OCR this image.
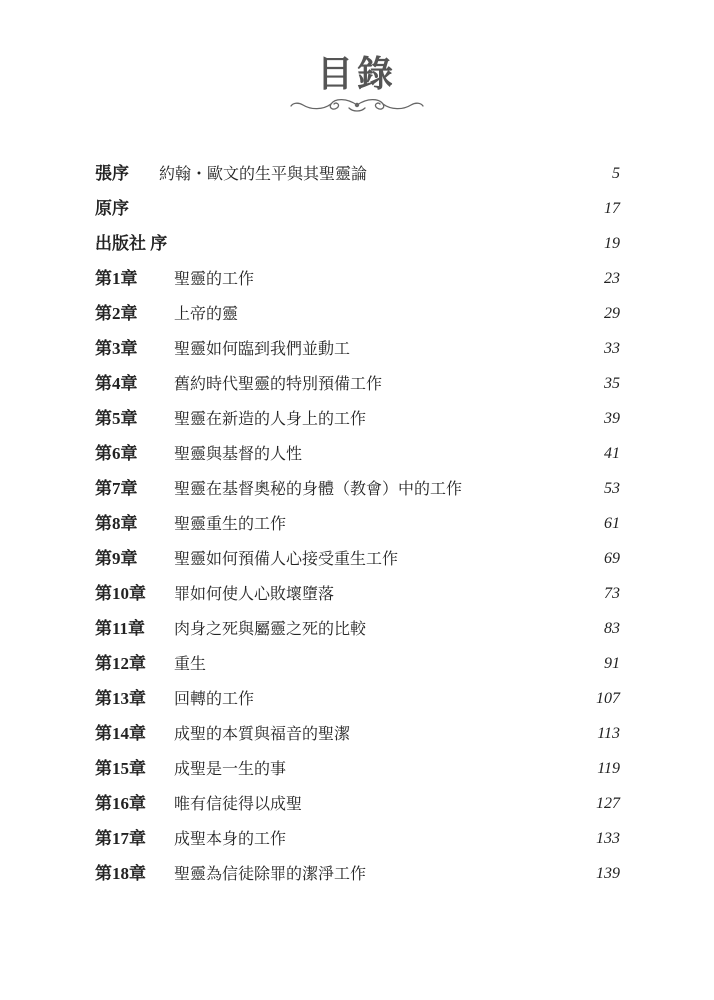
目錄
張序 約翰・歐文的生平與其聖靈論	5
原序	17
出版社 序	19
第1章 聖靈的工作	23
第2章 上帝的靈	29
第3章 聖靈如何臨到我們並動工	33
第4章 舊約時代聖靈的特別預備工作	35
第5章 聖靈在新造的人身上的工作	39
第6章 聖靈與基督的人性	41
第7章 聖靈在基督奧秘的身體（教會）中的工作	53
第8章 聖靈重生的工作	61
第9章 聖靈如何預備人心接受重生工作	69
第10章 罪如何使人心敗壞墮落	73
第11章 肉身之死與屬靈之死的比較	83
第12章 重生	91
第13章 回轉的工作	107
第14章 成聖的本質與福音的聖潔	113
第15章 成聖是一生的事	119
第16章 唯有信徒得以成聖	127
第17章 成聖本身的工作	133
第18章 聖靈為信徒除罪的潔淨工作	139
